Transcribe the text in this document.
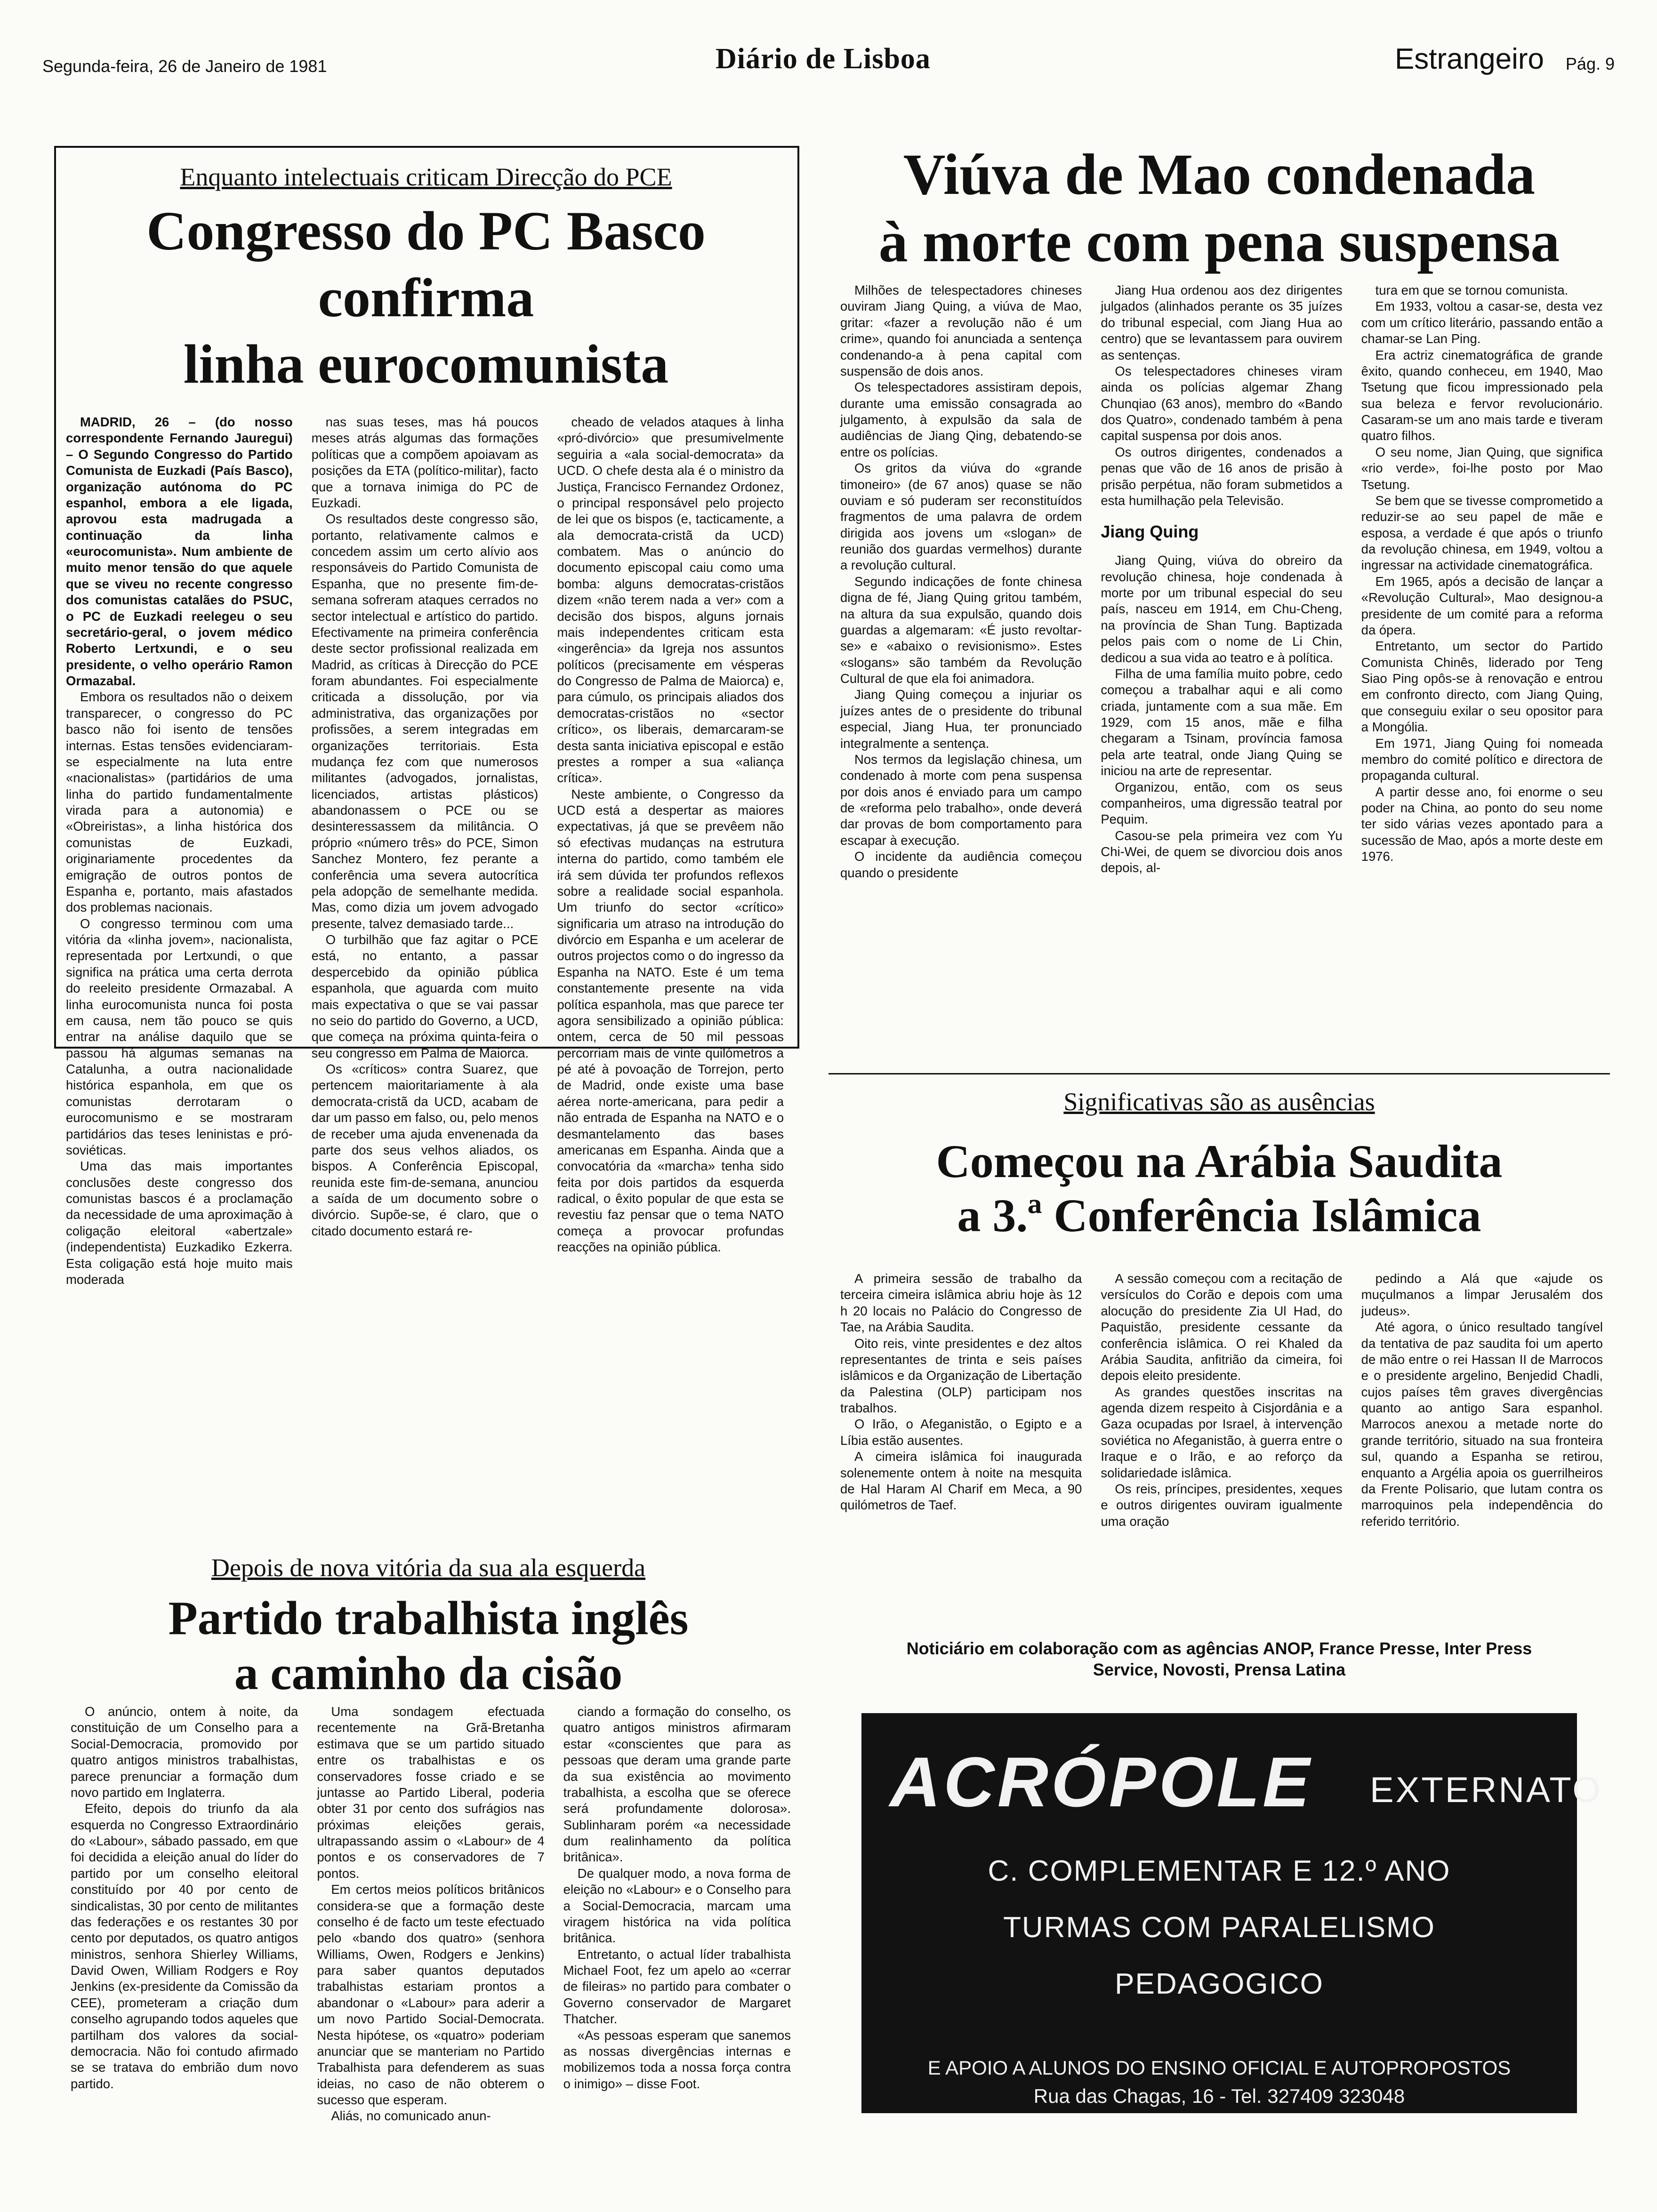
Segunda-feira, 26 de Janeiro de 1981	Diário de Lisboa	Estrangeiro Pág. 9
Enquanto intelectuais criticam Direcção do PCE
Congresso do PC Basco
confirma
linha eurocomunista

MADRID, 26 – (do nosso correspondente Fernando Jauregui) – O Segundo Congresso do Partido Comunista de Euzkadi (País Basco), organização autónoma do PC espanhol, embora a ele ligada, aprovou esta madrugada a continuação da linha «eurocomunista». Num ambiente de muito menor tensão do que aquele que se viveu no recente congresso dos comunistas catalães do PSUC, o PC de Euzkadi reelegeu o seu secretário-geral, o jovem médico Roberto Lertxundi, e o seu presidente, o velho operário Ramon Ormazabal.

Embora os resultados não o deixem transparecer, o congresso do PC basco não foi isento de tensões internas. Estas tensões evidenciaram-se especialmente na luta entre «nacionalistas» (partidários de uma linha do partido fundamentalmente virada para a autonomia) e «Obreiristas», a linha histórica dos comunistas de Euzkadi, originariamente procedentes da emigração de outros pontos de Espanha e, portanto, mais afastados dos problemas nacionais.

O congresso terminou com uma vitória da «linha jovem», nacionalista, representada por Lertxundi, o que significa na prática uma certa derrota do reeleito presidente Ormazabal. A linha eurocomunista nunca foi posta em causa, nem tão pouco se quis entrar na análise daquilo que se passou há algumas semanas na Catalunha, a outra nacionalidade histórica espanhola, em que os comunistas derrotaram o eurocomunismo e se mostraram partidários das teses leninistas e pró-soviéticas.

Uma das mais importantes conclusões deste congresso dos comunistas bascos é a proclamação da necessidade de uma aproximação à coligação eleitoral «abertzale» (independentista) Euzkadiko Ezkerra. Esta coligação está hoje muito mais moderada

nas suas teses, mas há poucos meses atrás algumas das formações políticas que a compõem apoiavam as posições da ETA (político-militar), facto que a tornava inimiga do PC de Euzkadi.

Os resultados deste congresso são, portanto, relativamente calmos e concedem assim um certo alívio aos responsáveis do Partido Comunista de Espanha, que no presente fim-de-semana sofreram ataques cerrados no sector intelectual e artístico do partido. Efectivamente na primeira conferência deste sector profissional realizada em Madrid, as críticas à Direcção do PCE foram abundantes. Foi especialmente criticada a dissolução, por via administrativa, das organizações por profissões, a serem integradas em organizações territoriais. Esta mudança fez com que numerosos militantes (advogados, jornalistas, licenciados, artistas plásticos) abandonassem o PCE ou se desinteressassem da militância. O próprio «número três» do PCE, Simon Sanchez Montero, fez perante a conferência uma severa autocrítica pela adopção de semelhante medida. Mas, como dizia um jovem advogado presente, talvez demasiado tarde...

O turbilhão que faz agitar o PCE está, no entanto, a passar despercebido da opinião pública espanhola, que aguarda com muito mais expectativa o que se vai passar no seio do partido do Governo, a UCD, que começa na próxima quinta-feira o seu congresso em Palma de Maiorca.

Os «críticos» contra Suarez, que pertencem maioritariamente à ala democrata-cristã da UCD, acabam de dar um passo em falso, ou, pelo menos de receber uma ajuda envenenada da parte dos seus velhos aliados, os bispos. A Conferência Episcopal, reunida este fim-de-semana, anunciou a saída de um documento sobre o divórcio. Supõe-se, é claro, que o citado documento estará re-

cheado de velados ataques à linha «pró-divórcio» que presumivelmente seguiria a «ala social-democrata» da UCD. O chefe desta ala é o ministro da Justiça, Francisco Fernandez Ordonez, o principal responsável pelo projecto de lei que os bispos (e, tacticamente, a ala democrata-cristã da UCD) combatem. Mas o anúncio do documento episcopal caiu como uma bomba: alguns democratas-cristãos dizem «não terem nada a ver» com a decisão dos bispos, alguns jornais mais independentes criticam esta «ingerência» da Igreja nos assuntos políticos (precisamente em vésperas do Congresso de Palma de Maiorca) e, para cúmulo, os principais aliados dos democratas-cristãos no «sector crítico», os liberais, demarcaram-se desta santa iniciativa episcopal e estão prestes a romper a sua «aliança crítica».

Neste ambiente, o Congresso da UCD está a despertar as maiores expectativas, já que se prevêem não só efectivas mudanças na estrutura interna do partido, como também ele irá sem dúvida ter profundos reflexos sobre a realidade social espanhola. Um triunfo do sector «crítico» significaria um atraso na introdução do divórcio em Espanha e um acelerar de outros projectos como o do ingresso da Espanha na NATO. Este é um tema constantemente presente na vida política espanhola, mas que parece ter agora sensibilizado a opinião pública: ontem, cerca de 50 mil pessoas percorriam mais de vinte quilómetros a pé até à povoação de Torrejon, perto de Madrid, onde existe uma base aérea norte-americana, para pedir a não entrada de Espanha na NATO e o desmantelamento das bases americanas em Espanha. Ainda que a convocatória da «marcha» tenha sido feita por dois partidos da esquerda radical, o êxito popular de que esta se revestiu faz pensar que o tema NATO começa a provocar profundas reacções na opinião pública.

Viúva de Mao condenada
à morte com pena suspensa

Milhões de telespectadores chineses ouviram Jiang Quing, a viúva de Mao, gritar: «fazer a revolução não é um crime», quando foi anunciada a sentença condenando-a à pena capital com suspensão de dois anos.

Os telespectadores assistiram depois, durante uma emissão consagrada ao julgamento, à expulsão da sala de audiências de Jiang Qing, debatendo-se entre os polícias.

Os gritos da viúva do «grande timoneiro» (de 67 anos) quase se não ouviam e só puderam ser reconstituídos fragmentos de uma palavra de ordem dirigida aos jovens um «slogan» de reunião dos guardas vermelhos) durante a revolução cultural.

Segundo indicações de fonte chinesa digna de fé, Jiang Quing gritou também, na altura da sua expulsão, quando dois guardas a algemaram: «É justo revoltar-se» e «abaixo o revisionismo». Estes «slogans» são também da Revolução Cultural de que ela foi animadora.

Jiang Quing começou a injuriar os juízes antes de o presidente do tribunal especial, Jiang Hua, ter pronunciado integralmente a sentença.

Nos termos da legislação chinesa, um condenado à morte com pena suspensa por dois anos é enviado para um campo de «reforma pelo trabalho», onde deverá dar provas de bom comportamento para escapar à execução.

O incidente da audiência começou quando o presidente

Jiang Hua ordenou aos dez dirigentes julgados (alinhados perante os 35 juízes do tribunal especial, com Jiang Hua ao centro) que se levantassem para ouvirem as sentenças.

Os telespectadores chineses viram ainda os polícias algemar Zhang Chunqiao (63 anos), membro do «Bando dos Quatro», condenado também à pena capital suspensa por dois anos.

Os outros dirigentes, condenados a penas que vão de 16 anos de prisão à prisão perpétua, não foram submetidos a esta humilhação pela Televisão.

Jiang Quing

Jiang Quing, viúva do obreiro da revolução chinesa, hoje condenada à morte por um tribunal especial do seu país, nasceu em 1914, em Chu-Cheng, na província de Shan Tung. Baptizada pelos pais com o nome de Li Chin, dedicou a sua vida ao teatro e à política.

Filha de uma família muito pobre, cedo começou a trabalhar aqui e ali como criada, juntamente com a sua mãe. Em 1929, com 15 anos, mãe e filha chegaram a Tsinam, província famosa pela arte teatral, onde Jiang Quing se iniciou na arte de representar.

Organizou, então, com os seus companheiros, uma digressão teatral por Pequim.

Casou-se pela primeira vez com Yu Chi-Wei, de quem se divorciou dois anos depois, al-

tura em que se tornou comunista.

Em 1933, voltou a casar-se, desta vez com um crítico literário, passando então a chamar-se Lan Ping.

Era actriz cinematográfica de grande êxito, quando conheceu, em 1940, Mao Tsetung que ficou impressionado pela sua beleza e fervor revolucionário. Casaram-se um ano mais tarde e tiveram quatro filhos.

O seu nome, Jian Quing, que significa «rio verde», foi-lhe posto por Mao Tsetung.

Se bem que se tivesse comprometido a reduzir-se ao seu papel de mãe e esposa, a verdade é que após o triunfo da revolução chinesa, em 1949, voltou a ingressar na actividade cinematográfica.

Em 1965, após a decisão de lançar a «Revolução Cultural», Mao designou-a presidente de um comité para a reforma da ópera.

Entretanto, um sector do Partido Comunista Chinês, liderado por Teng Siao Ping opôs-se à renovação e entrou em confronto directo, com Jiang Quing, que conseguiu exilar o seu opositor para a Mongólia.

Em 1971, Jiang Quing foi nomeada membro do comité político e directora de propaganda cultural.

A partir desse ano, foi enorme o seu poder na China, ao ponto do seu nome ter sido várias vezes apontado para a sucessão de Mao, após a morte deste em 1976.

Significativas são as ausências
Começou na Arábia Saudita
a 3.ª Conferência Islâmica

A primeira sessão de trabalho da terceira cimeira islâmica abriu hoje às 12 h 20 locais no Palácio do Congresso de Tae, na Arábia Saudita.

Oito reis, vinte presidentes e dez altos representantes de trinta e seis países islâmicos e da Organização de Libertação da Palestina (OLP) participam nos trabalhos.

O Irão, o Afeganistão, o Egipto e a Líbia estão ausentes.

A cimeira islâmica foi inaugurada solenemente ontem à noite na mesquita de Hal Haram Al Charif em Meca, a 90 quilómetros de Taef.

A sessão começou com a recitação de versículos do Corão e depois com uma alocução do presidente Zia Ul Had, do Paquistão, presidente cessante da conferência islâmica. O rei Khaled da Arábia Saudita, anfitrião da cimeira, foi depois eleito presidente.

As grandes questões inscritas na agenda dizem respeito à Cisjordânia e a Gaza ocupadas por Israel, à intervenção soviética no Afeganistão, à guerra entre o Iraque e o Irão, e ao reforço da solidariedade islâmica.

Os reis, príncipes, presidentes, xeques e outros dirigentes ouviram igualmente uma oração

pedindo a Alá que «ajude os muçulmanos a limpar Jerusalém dos judeus».

Até agora, o único resultado tangível da tentativa de paz saudita foi um aperto de mão entre o rei Hassan II de Marrocos e o presidente argelino, Benjedid Chadli, cujos países têm graves divergências quanto ao antigo Sara espanhol. Marrocos anexou a metade norte do grande território, situado na sua fronteira sul, quando a Espanha se retirou, enquanto a Argélia apoia os guerrilheiros da Frente Polisario, que lutam contra os marroquinos pela independência do referido território.

Depois de nova vitória da sua ala esquerda
Partido trabalhista inglês
a caminho da cisão

O anúncio, ontem à noite, da constituição de um Conselho para a Social-Democracia, promovido por quatro antigos ministros trabalhistas, parece prenunciar a formação dum novo partido em Inglaterra.

Efeito, depois do triunfo da ala esquerda no Congresso Extraordinário do «Labour», sábado passado, em que foi decidida a eleição anual do líder do partido por um conselho eleitoral constituído por 40 por cento de sindicalistas, 30 por cento de militantes das federações e os restantes 30 por cento por deputados, os quatro antigos ministros, senhora Shierley Williams, David Owen, William Rodgers e Roy Jenkins (ex-presidente da Comissão da CEE), prometeram a criação dum conselho agrupando todos aqueles que partilham dos valores da social-democracia. Não foi contudo afirmado se se tratava do embrião dum novo partido.

Uma sondagem efectuada recentemente na Grã-Bretanha estimava que se um partido situado entre os trabalhistas e os conservadores fosse criado e se juntasse ao Partido Liberal, poderia obter 31 por cento dos sufrágios nas próximas eleições gerais, ultrapassando assim o «Labour» de 4 pontos e os conservadores de 7 pontos.

Em certos meios políticos britânicos considera-se que a formação deste conselho é de facto um teste efectuado pelo «bando dos quatro» (senhora Williams, Owen, Rodgers e Jenkins) para saber quantos deputados trabalhistas estariam prontos a abandonar o «Labour» para aderir a um novo Partido Social-Democrata. Nesta hipótese, os «quatro» poderiam anunciar que se manteriam no Partido Trabalhista para defenderem as suas ideias, no caso de não obterem o sucesso que esperam.

Aliás, no comunicado anun-

ciando a formação do conselho, os quatro antigos ministros afirmaram estar «conscientes que para as pessoas que deram uma grande parte da sua existência ao movimento trabalhista, a escolha que se oferece será profundamente dolorosa». Sublinharam porém «a necessidade dum realinhamento da política britânica».

De qualquer modo, a nova forma de eleição no «Labour» e o Conselho para a Social-Democracia, marcam uma viragem histórica na vida política britânica.

Entretanto, o actual líder trabalhista Michael Foot, fez um apelo ao «cerrar de fileiras» no partido para combater o Governo conservador de Margaret Thatcher.

«As pessoas esperam que sanemos as nossas divergências internas e mobilizemos toda a nossa força contra o inimigo» – disse Foot.

Noticiário em colaboração com as agências ANOP, France Presse, Inter Press
Service, Novosti, Prensa Latina
ACRÓPOLE EXTERNATO
C. COMPLEMENTAR E 12.º ANO
TURMAS COM PARALELISMO
PEDAGOGICO
E APOIO A ALUNOS DO ENSINO OFICIAL E AUTOPROPOSTOS
Rua das Chagas, 16 - Tel. 327409 323048
